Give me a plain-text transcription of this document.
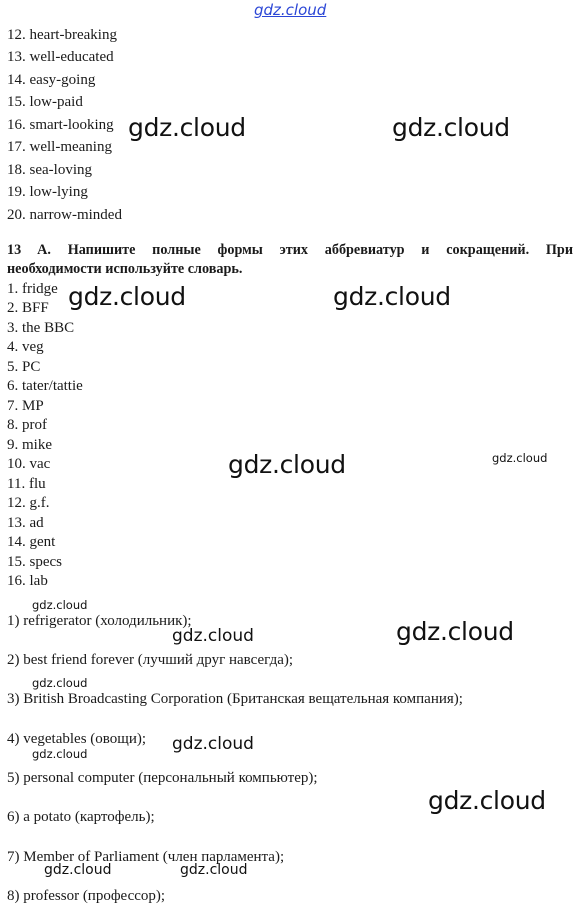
gdz.cloud
12. heart-breaking
13. well-educated
14. easy-going
15. low-paid
16. smart-looking
17. well-meaning
18. sea-loving
19. low-lying
20. narrow-minded
13 A. Напишите полные формы этих аббревиатур и сокращений. При
необходимости используйте словарь.
1. fridge
2. BFF
3. the BBC
4. veg
5. PC
6. tater/tattie
7. MP
8. prof
9. mike
10. vac
11. flu
12. g.f.
13. ad
14. gent
15. specs
16. lab
1) refrigerator (холодильник);
2) best friend forever (лучший друг навсегда);
3) British Broadcasting Corporation (Британская вещательная компания);
4) vegetables (овощи);
5) personal computer (персональный компьютер);
6) a potato (картофель);
7) Member of Parliament (член парламента);
8) professor (профессор);
gdz.cloud	gdz.cloud
gdz.cloud	gdz.cloud
gdz.cloud	gdz.cloud
gdz.cloud
gdz.cloud
gdz.cloud
gdz.cloud
gdz.cloud
gdz.cloud
gdz.cloud
gdz.cloud	gdz.cloud
